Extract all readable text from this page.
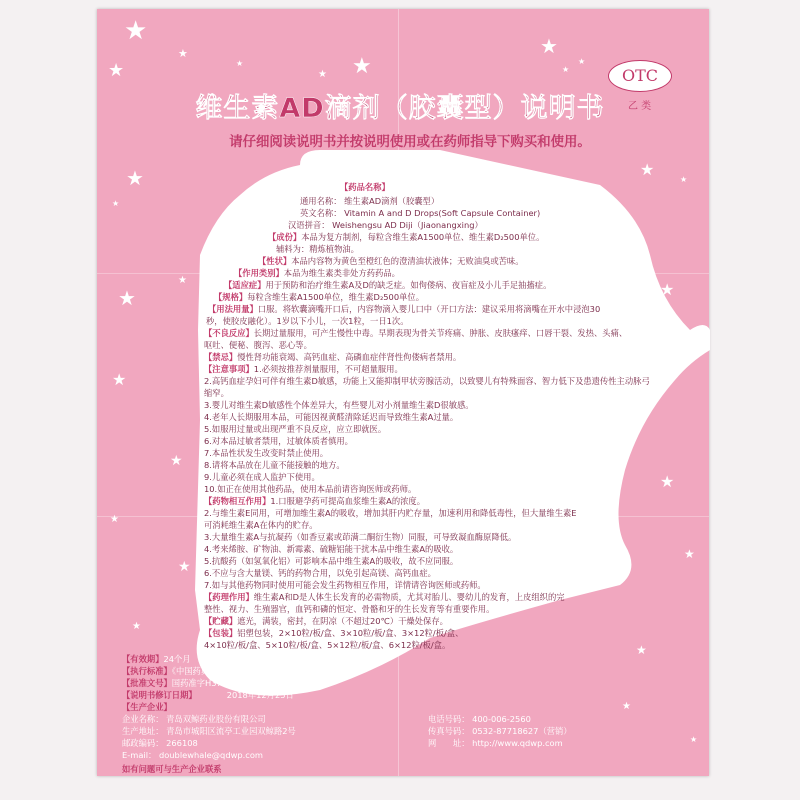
★
★
★
★
★ ★
★
★
★
★
★
★
★
★
★	★
★
★
★
★
★
★
★
★
★
★
OTC
乙 类
维生素AD滴剂（胶囊型）说明书
请仔细阅读说明书并按说明使用或在药师指导下购买和使用。
【药品名称】
通用名称： 维生素AD滴剂（胶囊型）
英文名称： Vitamin A and D Drops(Soft Capsule Container)
汉语拼音： Weishengsu AD Diji（Jiaonangxing）
【成份】本品为复方制剂，每粒含维生素A1500单位、维生素D₂500单位。
辅料为：精炼植物油。
【性状】本品内容物为黄色至橙红色的澄清油状液体；无败油臭或苦味。
【作用类别】本品为维生素类非处方药药品。
【适应症】用于预防和治疗维生素A及D的缺乏症。如佝偻病、夜盲症及小儿手足抽搐症。
【规格】每粒含维生素A1500单位，维生素D₂500单位。
【用法用量】口服。将软囊滴嘴开口后，内容物滴入婴儿口中（开口方法：建议采用将滴嘴在开水中浸泡30
秒，使胶皮融化）。1岁以下小儿，一次1粒，一日1次。
【不良反应】长期过量服用，可产生慢性中毒。早期表现为骨关节疼痛、肿胀、皮肤瘙痒、口唇干裂、发热、头痛、
呕吐、便秘、腹泻、恶心等。
【禁忌】慢性肾功能衰竭、高钙血症、高磷血症伴肾性佝偻病者禁用。
【注意事项】1.必须按推荐剂量服用，不可超量服用。
2.高钙血症孕妇可伴有维生素D敏感，功能上又能抑制甲状旁腺活动，以致婴儿有特殊面容、智力低下及患遗传性主动脉弓
缩窄。
3.婴儿对维生素D敏感性个体差异大，有些婴儿对小剂量维生素D很敏感。
4.老年人长期服用本品，可能因视黄醛清除延迟而导致维生素A过量。
5.如服用过量或出现严重不良反应，应立即就医。
6.对本品过敏者禁用，过敏体质者慎用。
7.本品性状发生改变时禁止使用。
8.请将本品放在儿童不能接触的地方。
9.儿童必须在成人监护下使用。
10.如正在使用其他药品，使用本品前请咨询医师或药师。
【药物相互作用】1.口服避孕药可提高血浆维生素A的浓度。
2.与维生素E同用，可增加维生素A的吸收，增加其肝内贮存量，加速利用和降低毒性，但大量维生素E
可消耗维生素A在体内的贮存。
3.大量维生素A与抗凝药（如香豆素或茚满二酮衍生物）同服，可导致凝血酶原降低。
4.考来烯胺、矿物油、新霉素、硫糖铝能干扰本品中维生素A的吸收。
5.抗酸药（如氢氧化铝）可影响本品中维生素A的吸收，故不应同服。
6.不应与含大量镁、钙的药物合用，以免引起高镁、高钙血症。
7.如与其他药物同时使用可能会发生药物相互作用，详情请咨询医师或药师。
【药理作用】维生素A和D是人体生长发育的必需物质，尤其对胎儿、婴幼儿的发育，上皮组织的完
整性、视力、生殖器官，血钙和磷的恒定、骨骼和牙的生长发育等有重要作用。
【贮藏】遮光，满装，密封，在阴凉（不超过20℃）干燥处保存。
【包装】铝塑包装，2×10粒/板/盒、3×10粒/板/盒、3×12粒/板/盒、
4×10粒/板/盒、5×10粒/板/盒、5×12粒/板/盒、6×12粒/板/盒。
【有效期】24个月
【执行标准】《中国药典》2015年版二部
【批准文号】国药准字H37023926
【说明书修订日期】	2018年12月25日
【生产企业】
企业名称： 青岛双鲸药业股份有限公司
生产地址： 青岛市城阳区流亭工业园双鲸路2号
邮政编码： 266108
E-mail： doublewhale@qdwp.com
如有问题可与生产企业联系
电话号码： 400-006-2560
传真号码： 0532-87718627（营销）
网　　址： http://www.qdwp.com
